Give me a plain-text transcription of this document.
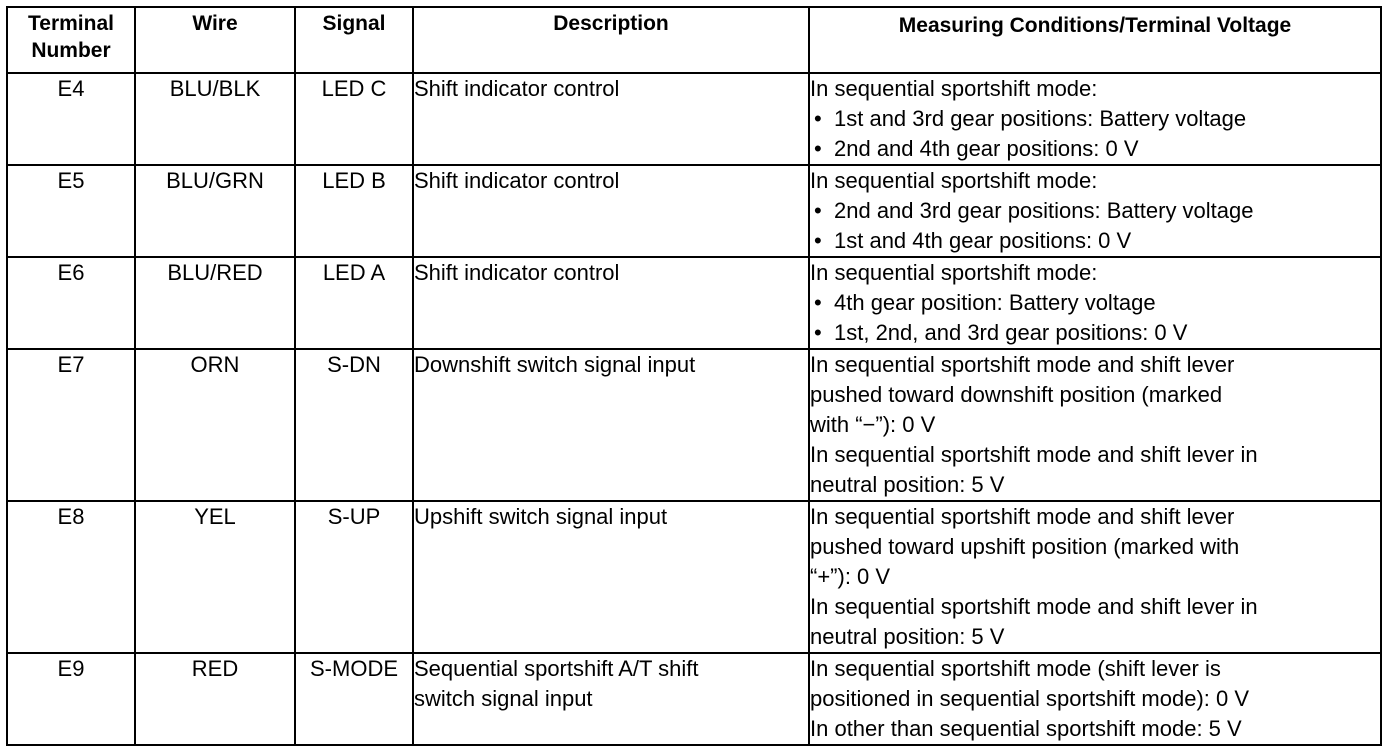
Terminal
Number	Wire	Signal	Description	Measuring Conditions/Terminal Voltage
E4	BLU/BLK	LED C	Shift indicator control	In sequential sportshift mode:
• 1st and 3rd gear positions: Battery voltage
• 2nd and 4th gear positions: 0 V

E5	BLU/GRN	LED B	Shift indicator control	In sequential sportshift mode:
• 2nd and 3rd gear positions: Battery voltage
• 1st and 4th gear positions: 0 V

E6	BLU/RED	LED A	Shift indicator control	In sequential sportshift mode:
• 4th gear position: Battery voltage
• 1st, 2nd, and 3rd gear positions: 0 V

E7	ORN	S-DN	Downshift switch signal input	In sequential sportshift mode and shift lever
pushed toward downshift position (marked
with “−”): 0 V
In sequential sportshift mode and shift lever in
neutral position: 5 V

E8	YEL	S-UP	Upshift switch signal input	In sequential sportshift mode and shift lever
pushed toward upshift position (marked with
“+”): 0 V
In sequential sportshift mode and shift lever in
neutral position: 5 V

E9	RED	S-MODE	Sequential sportshift A/T shift
switch signal input	In sequential sportshift mode (shift lever is
positioned in sequential sportshift mode): 0 V
In other than sequential sportshift mode: 5 V
